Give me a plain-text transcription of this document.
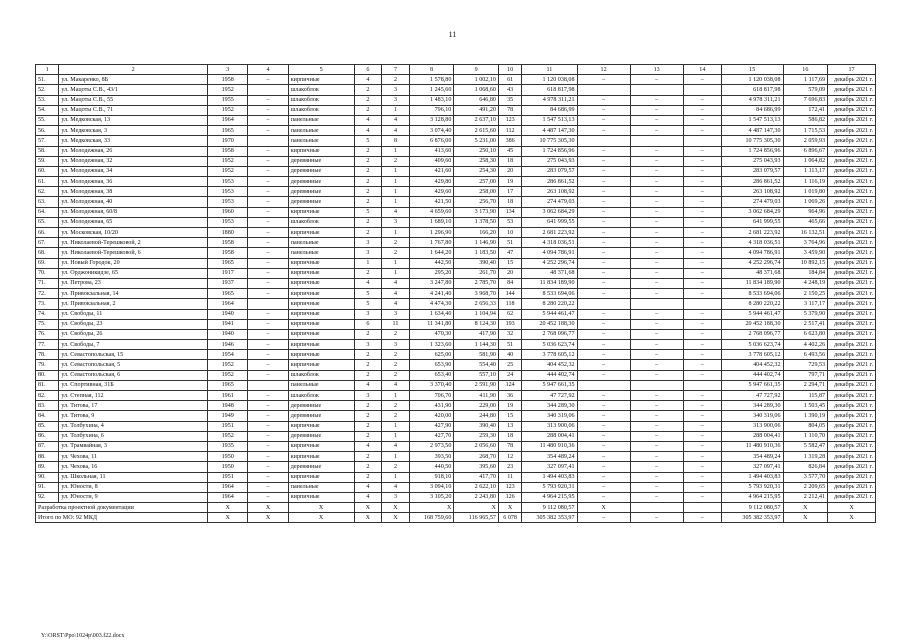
11
1	2	3	4	5	6	7	8	9	10	11	12	13	14	15	16	17
51.	ул. Макаренко, 8Б	1958	–	кирпичные	4	2	1 578,80	1 002,10	61	1 120 038,08	–	–	–	1 120 038,08	1 117,69	декабрь 2021 г.
52.	ул. Мацоты С.В., 43/1	1952		шлакоблок	2	3	1 245,60	1 068,60	43	618 817,98				618 817,98	579,09	декабрь 2021 г.
53.	ул. Мацоты С.В., 55	1955	–	шлакоблок	2	3	1 483,10	646,80	35	4 978 311,21	–	–	–	4 978 311,21	7 696,83	декабрь 2021 г.
54.	ул. Мацоты С.В., 71	1952	–	шлакоблок	2	1	796,10	491,20	78	84 686,99	–	–	–	84 686,99	172,41	декабрь 2021 г.
55.	ул. Медковская, 13	1964	–	панельные	4	4	3 128,80	2 637,10	123	1 547 513,13	–	–	–	1 547 513,13	586,82	декабрь 2021 г.
56.	ул. Медковская, 3	1965	–	панельные	4	4	3 074,40	2 615,60	112	4 487 147,30	–	–	–	4 487 147,30	1 715,53	декабрь 2021 г.
57.	ул. Медковская, 33	1970		панельные	5	8	6 876,00	5 231,00	386	10 775 305,30				10 775 305,30	2 059,93	декабрь 2021 г.
58.	ул. Молодежная, 26	1958	–	кирпичные	2	1	413,60	250,10	45	1 724 856,96	–	–	–	1 724 856,96	6 896,67	декабрь 2021 г.
59.	ул. Молодежная, 32	1952	–	деревянные	2	2	409,60	258,30	18	275 043,93	–	–	–	275 043,93	1 064,82	декабрь 2021 г.
60.	ул. Молодежная, 34	1952	–	деревянные	2	1	421,60	254,30	20	283 079,57	–	–	–	283 079,57	1 113,17	декабрь 2021 г.
61.	ул. Молодежная, 36	1953	–	деревянные	2	1	429,80	257,00	19	286 861,52	–	–	–	286 861,52	1 116,19	декабрь 2021 г.
62.	ул. Молодежная, 38	1953	–	деревянные	2	1	429,60	258,00	17	263 108,92	–	–	–	263 108,92	1 019,80	декабрь 2021 г.
63.	ул. Молодежная, 40	1953	–	деревянные	2	1	421,50	256,70	18	274 479,03	–	–	–	274 479,03	1 069,26	декабрь 2021 г.
64.	ул. Молодежная, 60/8	1960	–	кирпичные	5	4	4 659,60	3 173,90	134	3 062 684,29	–	–	–	3 062 684,29	964,96	декабрь 2021 г.
65.	ул. Молодежная, 65	1953	–	шлакоблок	2	3	1 689,10	1 378,50	53	641 999,55	–	–	–	641 999,55	465,66	декабрь 2021 г.
66.	ул. Московская, 10/20	1880	–	кирпичные	2	1	1 296,90	166,20	10	2 681 223,92	–	–	–	2 681 223,92	16 132,51	декабрь 2021 г.
67.	ул. Николаевой-Терешковой, 2	1958	–	панельные	3	2	1 767,80	1 146,90	51	4 318 036,51	–	–	–	4 318 036,51	3 764,96	декабрь 2021 г.
68.	ул. Николаевой-Терешковой, 6	1958	–	панельные	3	2	1 644,20	1 183,50	47	4 094 786,91	–	–	–	4 094 786,91	3 459,90	декабрь 2021 г.
69.	ул. Новый Городок, 20	1965	–	кирпичные	1	1	442,50	390,40	15	4 252 296,74	–	–	–	4 252 296,74	10 892,15	декабрь 2021 г.
70.	ул. Орджоникидзе, 65	1917	–	кирпичные	2	1	295,20	261,70	20	48 371,68	–	–	–	48 371,68	184,84	декабрь 2021 г.
71.	ул. Петрова, 23	1937	–	кирпичные	4	4	3 247,80	2 785,70	84	11 834 189,90	–	–	–	11 834 189,90	4 248,19	декабрь 2021 г.
72.	ул. Привокзальная, 14	1965	–	кирпичные	5	4	4 241,40	3 968,70	144	8 533 694,06	–	–	–	8 533 694,06	2 150,25	декабрь 2021 г.
73.	ул. Привокзальная, 2	1964		кирпичные	5	4	4 474,30	2 656,33	118	8 280 220,22				8 280 220,22	3 117,17	декабрь 2021 г.
74.	ул. Свободы, 11	1940	–	кирпичные	3	3	1 634,40	1 104,94	62	5 944 461,47	–	–	–	5 944 461,47	5 379,90	декабрь 2021 г.
75.	ул. Свободы, 23	1941	–	кирпичные	6	11	11 341,80	8 124,30	193	20 452 188,30	–	–	–	20 452 188,30	2 517,41	декабрь 2021 г.
76.	ул. Свободы, 26	1940	–	кирпичные	2	2	470,30	417,90	32	2 768 096,77	–	–	–	2 768 096,77	6 623,80	декабрь 2021 г.
77.	ул. Свободы, 7	1946	–	кирпичные	3	3	1 323,60	1 144,30	51	5 036 623,74	–	–	–	5 036 623,74	4 402,26	декабрь 2021 г.
78.	ул. Севастопольская, 15	1954	–	кирпичные	2	2	625,00	581,90	40	3 778 605,12	–	–	–	3 778 605,12	6 493,56	декабрь 2021 г.
79.	ул. Севастопольская, 5	1952	–	кирпичные	2	2	653,90	554,40	25	404 452,32	–	–	–	404 452,32	729,53	декабрь 2021 г.
80.	ул. Севастопольская, 6	1952	–	шлакоблок	2	2	653,40	557,10	24	444 402,74	–	–	–	444 402,74	797,71	декабрь 2021 г.
81.	ул. Спортивная, 31Б	1965		панельные	4	4	3 370,40	2 591,90	124	5 947 661,35				5 947 661,35	2 294,71	декабрь 2021 г.
82.	ул. Степная, 112	1961	–	шлакоблок	3	1	706,70	411,90	36	47 727,92	–	–	–	47 727,92	115,87	декабрь 2021 г.
83.	ул. Титова, 17	1948	–	деревянные	2	2	431,90	229,00	19	344 289,30	–	–	–	344 289,30	1 503,45	декабрь 2021 г.
84.	ул. Титова, 9	1949	–	деревянные	2	2	420,00	244,80	15	340 319,06	–	–	–	340 319,06	1 390,19	декабрь 2021 г.
85.	ул. Толбухина, 4	1951	–	кирпичные	2	1	427,90	390,40	13	313 900,06	–	–	–	313 900,06	804,05	декабрь 2021 г.
86.	ул. Толбухина, 6	1952	–	деревянные	2	1	427,70	259,30	18	288 004,41	–	–	–	288 004,41	1 110,70	декабрь 2021 г.
87.	ул. Трамвайная, 3	1935	–	кирпичные	4	4	2 973,50	2 056,60	78	11 480 910,36	–	–	–	11 480 910,36	5 582,47	декабрь 2021 г.
88.	ул. Чехова, 11	1950	–	кирпичные	2	1	393,50	268,70	12	354 489,24	–	–	–	354 489,24	1 319,28	декабрь 2021 г.
89.	ул. Чехова, 16	1950	–	деревянные	2	2	440,50	395,60	23	327 097,41	–	–	–	327 097,41	826,84	декабрь 2021 г.
90.	ул. Школьная, 11	1951	–	кирпичные	2	1	918,10	417,70	11	1 494 403,83	–	–	–	1 494 403,83	3 577,70	декабрь 2021 г.
91.	ул. Юности, 8	1964	–	панельные	4	4	3 094,10	2 622,10	123	5 793 920,31	–	–	–	5 793 920,31	2 209,65	декабрь 2021 г.
92.	ул. Юности, 9	1964	–	кирпичные	4	3	3 105,20	2 243,80	126	4 964 215,95	–	–	–	4 964 215,95	2 212,41	декабрь 2021 г.
Разработка проектной документации		X	X	X	X	X	X	X	X	9 112 080,57	X			9 112 080,57	X	X
Итого по МО: 92 МКД		X	X	X	X	X	168 759,60	116 965,57	6 078	305 382 353,97	–	–	–	305 382 353,97	X	X
Y:\ORST\Ppo\1024p\003.f22.docx
